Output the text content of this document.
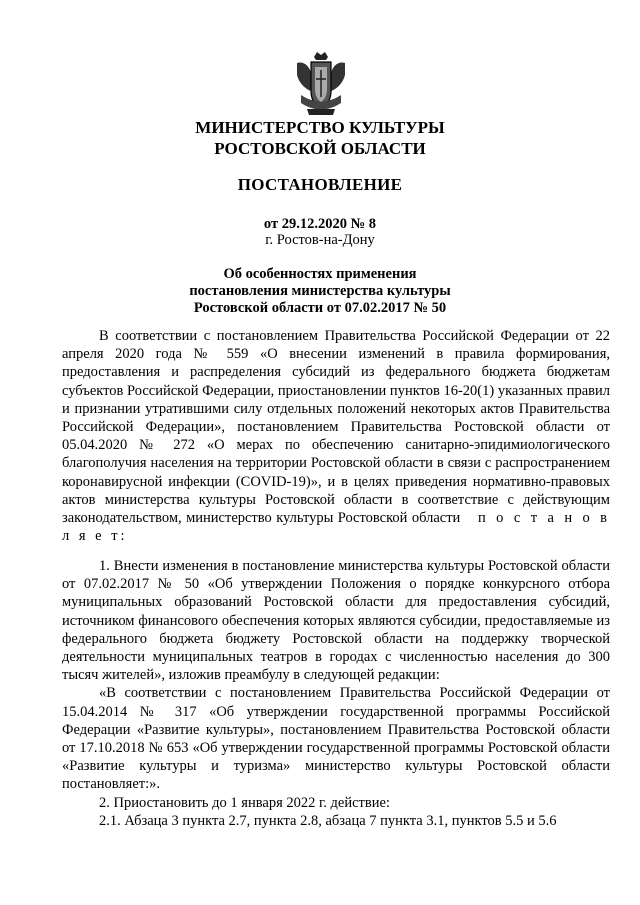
МИНИСТЕРСТВО КУЛЬТУРЫ
РОСТОВСКОЙ ОБЛАСТИ
ПОСТАНОВЛЕНИЕ
от 29.12.2020 № 8
г. Ростов-на-Дону
Об особенностях применения
постановления министерства культуры
Ростовской области от 07.02.2017 № 50

В соответствии с постановлением Правительства Российской Федерации от 22 апреля 2020 года № 559 «О внесении изменений в правила формирования, предоставления и распределения субсидий из федерального бюджета бюджетам субъектов Российской Федерации, приостановлении пунктов 16-20(1) указанных правил и признании утратившими силу отдельных положений некоторых актов Правительства Российской Федерации», постановлением Правительства Ростовской области от 05.04.2020 № 272 «О мерах по обеспечению санитарно-эпидимиологического благополучия населения на территории Ростовской области в связи с распространением коронавирусной инфекции (COVID-19)», и в целях приведения нормативно-правовых актов министерства культуры Ростовской области в соответствие с действующим законодательством, министерство культуры Ростовской области п о с т а н о в л я е т:

1. Внести изменения в постановление министерства культуры Ростовской области от 07.02.2017 № 50 «Об утверждении Положения о порядке конкурсного отбора муниципальных образований Ростовской области для предоставления субсидий, источником финансового обеспечения которых являются субсидии, предоставляемые из федерального бюджета бюджету Ростовской области на поддержку творческой деятельности муниципальных театров в городах с численностью населения до 300 тысяч жителей», изложив преамбулу в следующей редакции:

«В соответствии с постановлением Правительства Российской Федерации от 15.04.2014 № 317 «Об утверждении государственной программы Российской Федерации «Развитие культуры», постановлением Правительства Ростовской области от 17.10.2018 № 653 «Об утверждении государственной программы Ростовской области «Развитие культуры и туризма» министерство культуры Ростовской области постановляет:».

2. Приостановить до 1 января 2022 г. действие:

2.1. Абзаца 3 пункта 2.7, пункта 2.8, абзаца 7 пункта 3.1, пунктов 5.5 и 5.6
